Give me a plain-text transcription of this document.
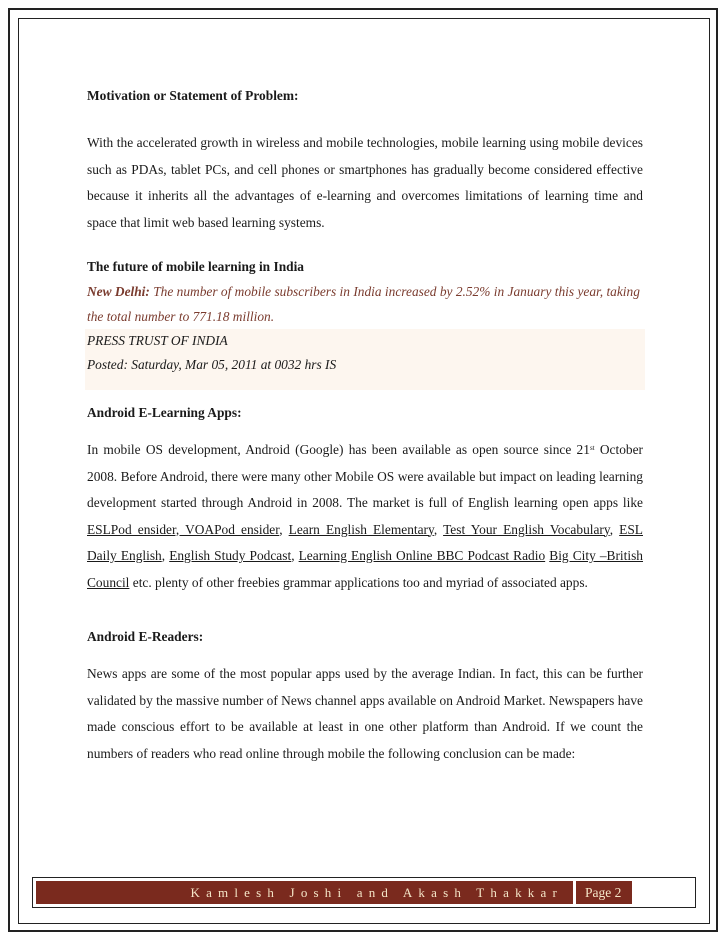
Motivation or Statement of Problem:

With the accelerated growth in wireless and mobile technologies, mobile learning using mobile devices such as PDAs, tablet PCs, and cell phones or smartphones has gradually become considered effective because it inherits all the advantages of e-learning and overcomes limitations of learning time and space that limit web based learning systems.

The future of mobile learning in India

New Delhi: The number of mobile subscribers in India increased by 2.52% in January this year, taking the total number to 771.18 million.

PRESS TRUST OF INDIA
Posted: Saturday, Mar 05, 2011 at 0032 hrs IS
Android E-Learning Apps:

In mobile OS development, Android (Google) has been available as open source since 21st October 2008. Before Android, there were many other Mobile OS were available but impact on leading learning development started through Android in 2008. The market is full of English learning open apps like ESLPod ensider, VOAPod ensider, Learn English Elementary, Test Your English Vocabulary, ESL Daily English, English Study Podcast, Learning English Online BBC Podcast Radio Big City –British Council etc. plenty of other freebies grammar applications too and myriad of associated apps.

Android E-Readers:

News apps are some of the most popular apps used by the average Indian. In fact, this can be further validated by the massive number of News channel apps available on Android Market. Newspapers have made conscious effort to be available at least in one other platform than Android. If we count the numbers of readers who read online through mobile the following conclusion can be made:

Kamlesh Joshi and Akash Thakkar	Page 2
